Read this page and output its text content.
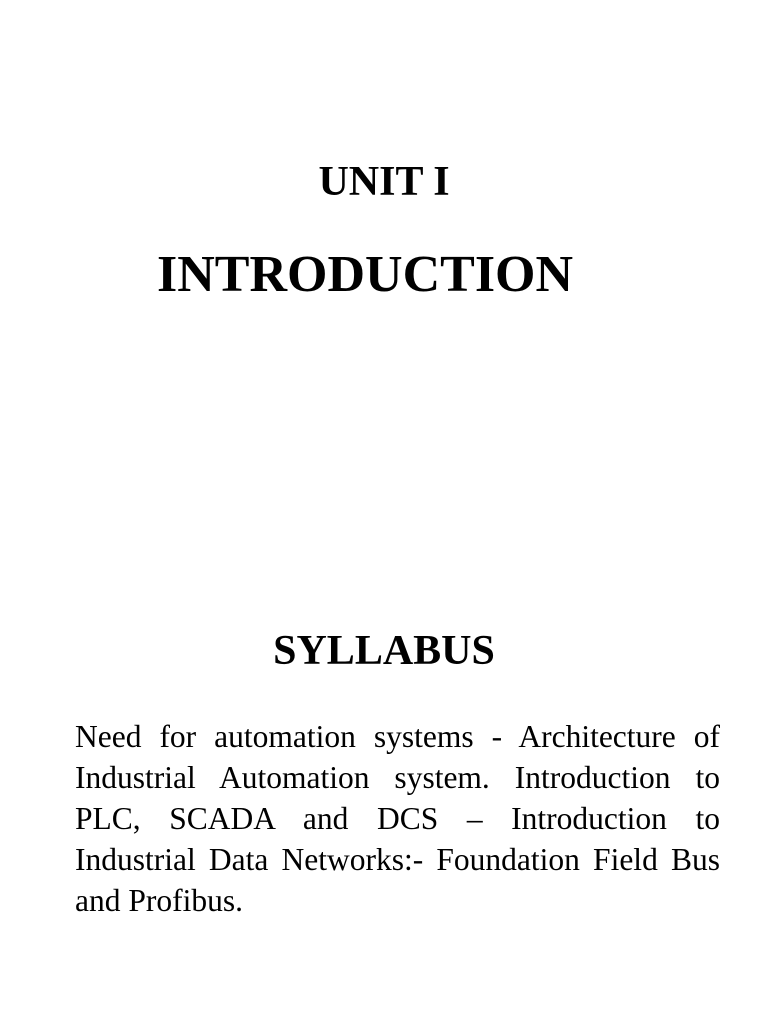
UNIT I
INTRODUCTION
SYLLABUS

Need for automation systems - Architecture of Industrial Automation system. Introduction to PLC, SCADA and DCS – Introduction to Industrial Data Networks:- Foundation Field Bus and Profibus.
